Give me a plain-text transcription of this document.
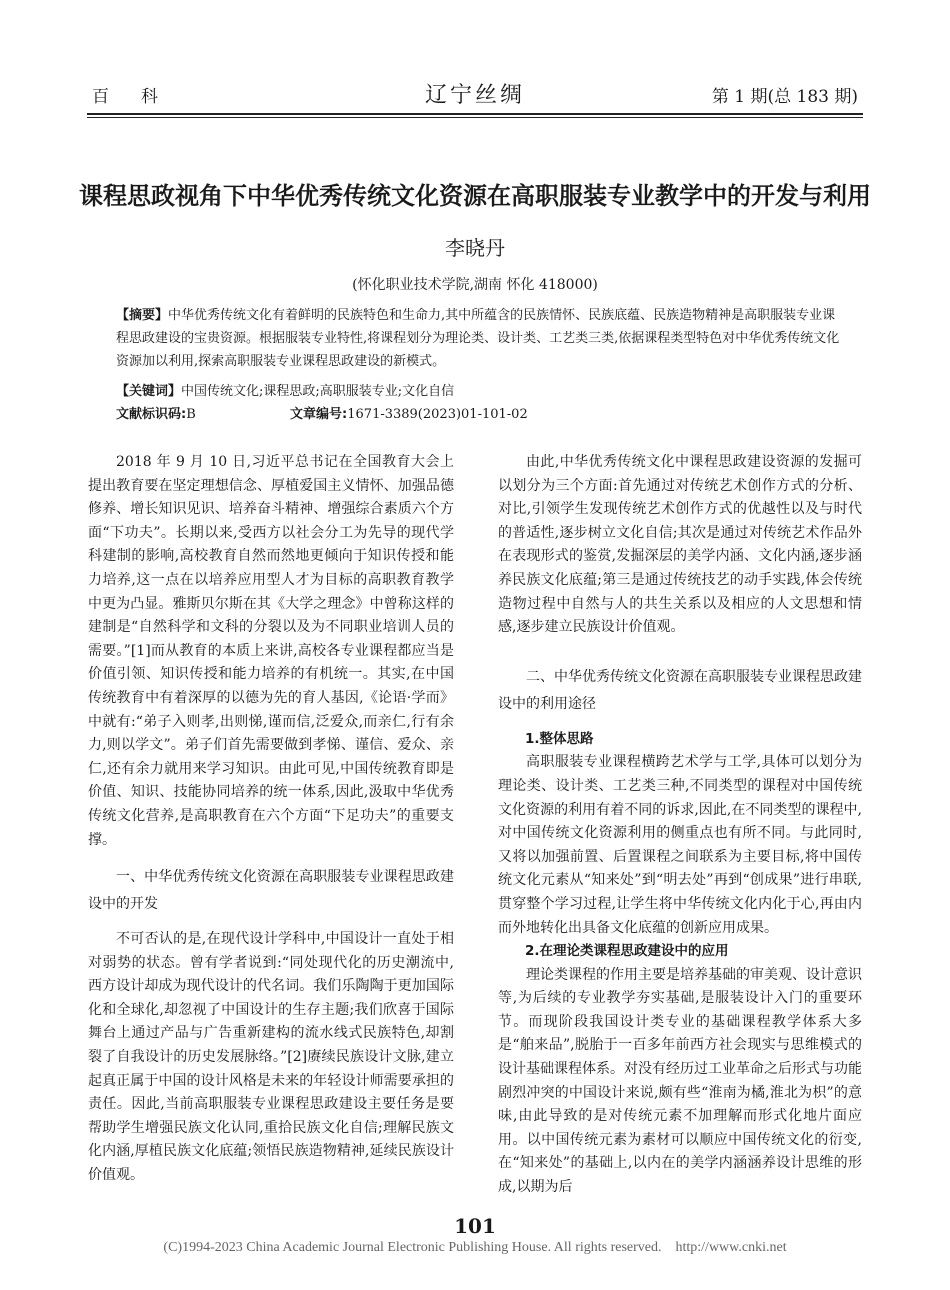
百科	辽宁丝绸	第 1 期(总 183 期)
课程思政视角下中华优秀传统文化资源在高职服装专业教学中的开发与利用
李晓丹
(怀化职业技术学院,湖南 怀化 418000)
【摘要】中华优秀传统文化有着鲜明的民族特色和生命力,其中所蕴含的民族情怀、民族底蕴、民族造物精神是高职服装专业课程思政建设的宝贵资源。根据服装专业特性,将课程划分为理论类、设计类、工艺类三类,依据课程类型特色对中华优秀传统文化资源加以利用,探索高职服装专业课程思政建设的新模式。
【关键词】中国传统文化;课程思政;高职服装专业;文化自信
文献标识码:B	文章编号:1671-3389(2023)01-101-02

2018 年 9 月 10 日,习近平总书记在全国教育大会上提出教育要在坚定理想信念、厚植爱国主义情怀、加强品德修养、增长知识见识、培养奋斗精神、增强综合素质六个方面“下功夫”。长期以来,受西方以社会分工为先导的现代学科建制的影响,高校教育自然而然地更倾向于知识传授和能力培养,这一点在以培养应用型人才为目标的高职教育教学中更为凸显。雅斯贝尔斯在其《大学之理念》中曾称这样的建制是“自然科学和文科的分裂以及为不同职业培训人员的需要。”[1]而从教育的本质上来讲,高校各专业课程都应当是价值引领、知识传授和能力培养的有机统一。其实,在中国传统教育中有着深厚的以德为先的育人基因,《论语·学而》中就有:“弟子入则孝,出则悌,谨而信,泛爱众,而亲仁,行有余力,则以学文”。弟子们首先需要做到孝悌、谨信、爱众、亲仁,还有余力就用来学习知识。由此可见,中国传统教育即是价值、知识、技能协同培养的统一体系,因此,汲取中华优秀传统文化营养,是高职教育在六个方面“下足功夫”的重要支撑。

一、中华优秀传统文化资源在高职服装专业课程思政建设中的开发

不可否认的是,在现代设计学科中,中国设计一直处于相对弱势的状态。曾有学者说到:“同处现代化的历史潮流中,西方设计却成为现代设计的代名词。我们乐陶陶于更加国际化和全球化,却忽视了中国设计的生存主题;我们欣喜于国际舞台上通过产品与广告重新建构的流水线式民族特色,却割裂了自我设计的历史发展脉络。”[2]赓续民族设计文脉,建立起真正属于中国的设计风格是未来的年轻设计师需要承担的责任。因此,当前高职服装专业课程思政建设主要任务是要帮助学生增强民族文化认同,重拾民族文化自信;理解民族文化内涵,厚植民族文化底蕴;领悟民族造物精神,延续民族设计价值观。

由此,中华优秀传统文化中课程思政建设资源的发掘可以划分为三个方面:首先通过对传统艺术创作方式的分析、对比,引领学生发现传统艺术创作方式的优越性以及与时代的普适性,逐步树立文化自信;其次是通过对传统艺术作品外在表现形式的鉴赏,发掘深层的美学内涵、文化内涵,逐步涵养民族文化底蕴;第三是通过传统技艺的动手实践,体会传统造物过程中自然与人的共生关系以及相应的人文思想和情感,逐步建立民族设计价值观。

二、中华优秀传统文化资源在高职服装专业课程思政建设中的利用途径

1.整体思路

高职服装专业课程横跨艺术学与工学,具体可以划分为理论类、设计类、工艺类三种,不同类型的课程对中国传统文化资源的利用有着不同的诉求,因此,在不同类型的课程中,对中国传统文化资源利用的侧重点也有所不同。与此同时,又将以加强前置、后置课程之间联系为主要目标,将中国传统文化元素从“知来处”到“明去处”再到“创成果”进行串联,贯穿整个学习过程,让学生将中华传统文化内化于心,再由内而外地转化出具备文化底蕴的创新应用成果。

2.在理论类课程思政建设中的应用

理论类课程的作用主要是培养基础的审美观、设计意识等,为后续的专业教学夯实基础,是服装设计入门的重要环节。而现阶段我国设计类专业的基础课程教学体系大多是“舶来品”,脱胎于一百多年前西方社会现实与思维模式的设计基础课程体系。对没有经历过工业革命之后形式与功能剧烈冲突的中国设计来说,颇有些“淮南为橘,淮北为枳”的意味,由此导致的是对传统元素不加理解而形式化地片面应用。以中国传统元素为素材可以顺应中国传统文化的衍变,在“知来处”的基础上,以内在的美学内涵涵养设计思维的形成,以期为后

101
(C)1994-2023 China Academic Journal Electronic Publishing House. All rights reserved. http://www.cnki.net
